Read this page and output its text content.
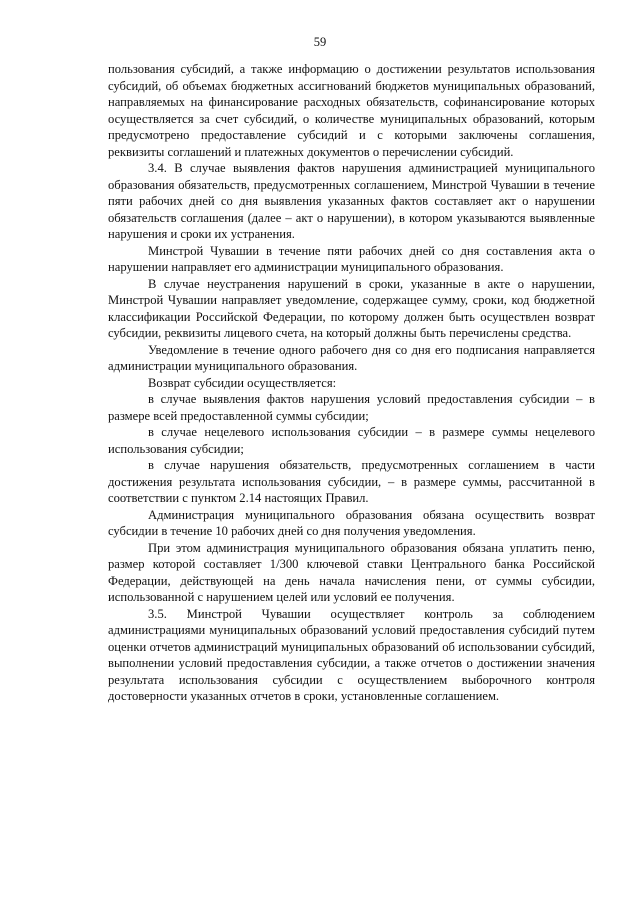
59

пользования субсидий, а также информацию о достижении результатов использования субсидий, об объемах бюджетных ассигнований бюджетов муниципальных образований, направляемых на финансирование расходных обязательств, софинансирование которых осуществляется за счет субсидий, о количестве муниципальных образований, которым предусмотрено предоставление субсидий и с которыми заключены соглашения, реквизиты соглашений и платежных документов о перечислении субсидий.

3.4. В случае выявления фактов нарушения администрацией муниципального образования обязательств, предусмотренных соглашением, Минстрой Чувашии в течение пяти рабочих дней со дня выявления указанных фактов составляет акт о нарушении обязательств соглашения (далее – акт о нарушении), в котором указываются выявленные нарушения и сроки их устранения.

Минстрой Чувашии в течение пяти рабочих дней со дня составления акта о нарушении направляет его администрации муниципального образования.

В случае неустранения нарушений в сроки, указанные в акте о нарушении, Минстрой Чувашии направляет уведомление, содержащее сумму, сроки, код бюджетной классификации Российской Федерации, по которому должен быть осуществлен возврат субсидии, реквизиты лицевого счета, на который должны быть перечислены средства.

Уведомление в течение одного рабочего дня со дня его подписания направляется администрации муниципального образования.

Возврат субсидии осуществляется:

в случае выявления фактов нарушения условий предоставления субсидии – в размере всей предоставленной суммы субсидии;

в случае нецелевого использования субсидии – в размере суммы нецелевого использования субсидии;

в случае нарушения обязательств, предусмотренных соглашением в части достижения результата использования субсидии, – в размере суммы, рассчитанной в соответствии с пунктом 2.14 настоящих Правил.

Администрация муниципального образования обязана осуществить возврат субсидии в течение 10 рабочих дней со дня получения уведомления.

При этом администрация муниципального образования обязана уплатить пеню, размер которой составляет 1/300 ключевой ставки Центрального банка Российской Федерации, действующей на день начала начисления пени, от суммы субсидии, использованной с нарушением целей или условий ее получения.

3.5. Минстрой Чувашии осуществляет контроль за соблюдением администрациями муниципальных образований условий предоставления субсидий путем оценки отчетов администраций муниципальных образований об использовании субсидий, выполнении условий предоставления субсидии, а также отчетов о достижении значения результата использования субсидии с осуществлением выборочного контроля достоверности указанных отчетов в сроки, установленные соглашением.
